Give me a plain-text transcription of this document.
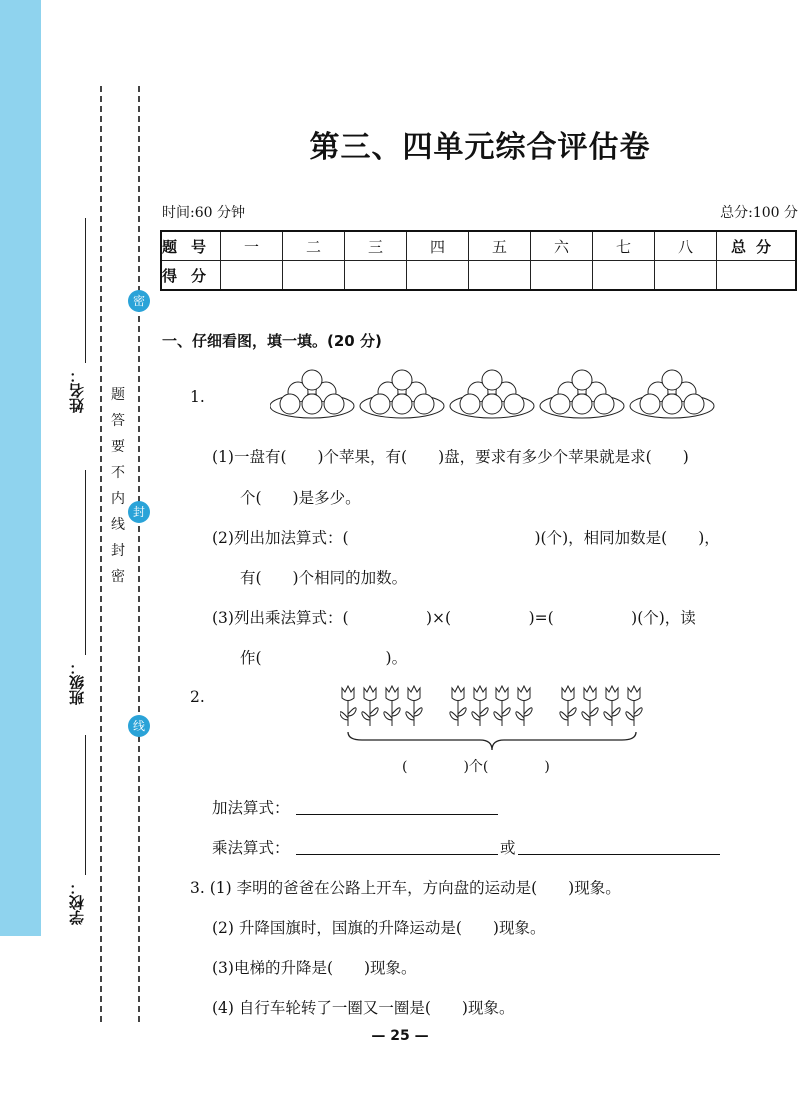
姓名：
班级：
学校：
题
答
要
不
内
线
封
密
密
封
线
第三、四单元综合评估卷
时间:60 分钟	总分:100 分
题号	一	二	三	四	五	六	七	八	总分
得分									
一、仔细看图，填一填。(20 分)
1.
(1)一盘有(　　)个苹果，有(　　)盘，要求有多少个苹果就是求(　　)
个(　　)是多少。
(2)列出加法算式：(　　　　　　　　　　　　)(个)，相同加数是(　　)，
有(　　)个相同的加数。
(3)列出乘法算式：(　　　　　)×(　　　　　)=(　　　　　)(个)，读
作(　　　　　　　　)。
2.
(　　　　)个(　　　　)
加法算式：
乘法算式：	或
3. (1) 李明的爸爸在公路上开车，方向盘的运动是(　　)现象。
(2) 升降国旗时，国旗的升降运动是(　　)现象。
(3)电梯的升降是(　　)现象。
(4) 自行车轮转了一圈又一圈是(　　)现象。
— 25 —
